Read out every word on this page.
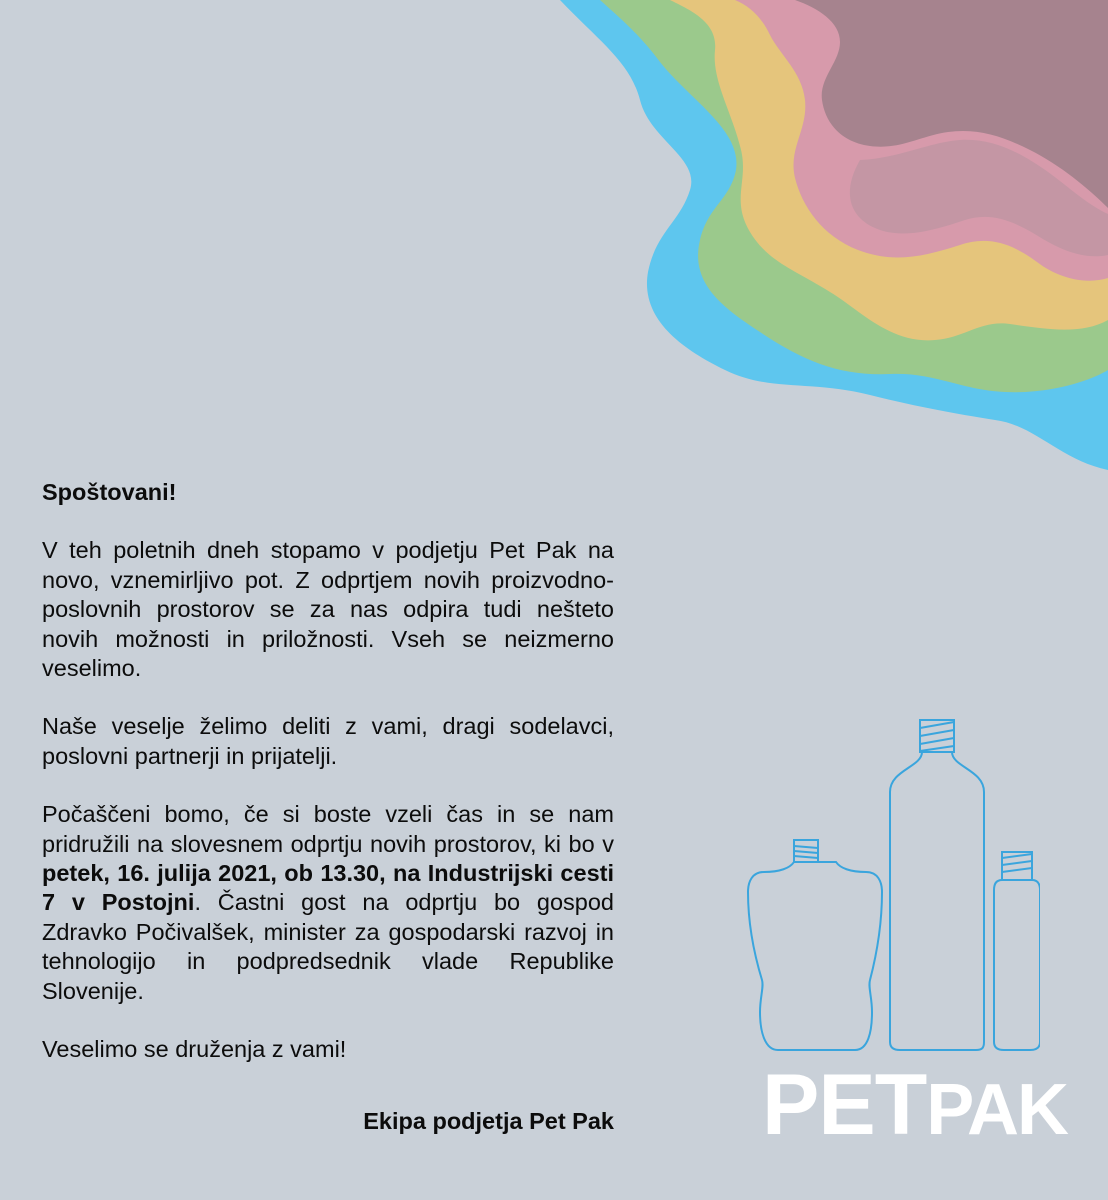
Spoštovani!

V teh poletnih dneh stopamo v podjetju Pet Pak na novo, vznemirljivo pot. Z odprtjem novih proizvodno-poslovnih prostorov se za nas odpira tudi nešteto novih možnosti in priložnosti. Vseh se neizmerno veselimo.

Naše veselje želimo deliti z vami, dragi sodelavci, poslovni partnerji in prijatelji.

Počaščeni bomo, če si boste vzeli čas in se nam pridružili na slovesnem odprtju novih prostorov, ki bo v petek, 16. julija 2021, ob 13.30, na Industrijski cesti 7 v Postojni. Častni gost na odprtju bo gospod Zdravko Počivalšek, minister za gospodarski razvoj in tehnologijo in podpredsednik vlade Republike Slovenije.

Veselimo se druženja z vami!

Ekipa podjetja Pet Pak PETPAK
